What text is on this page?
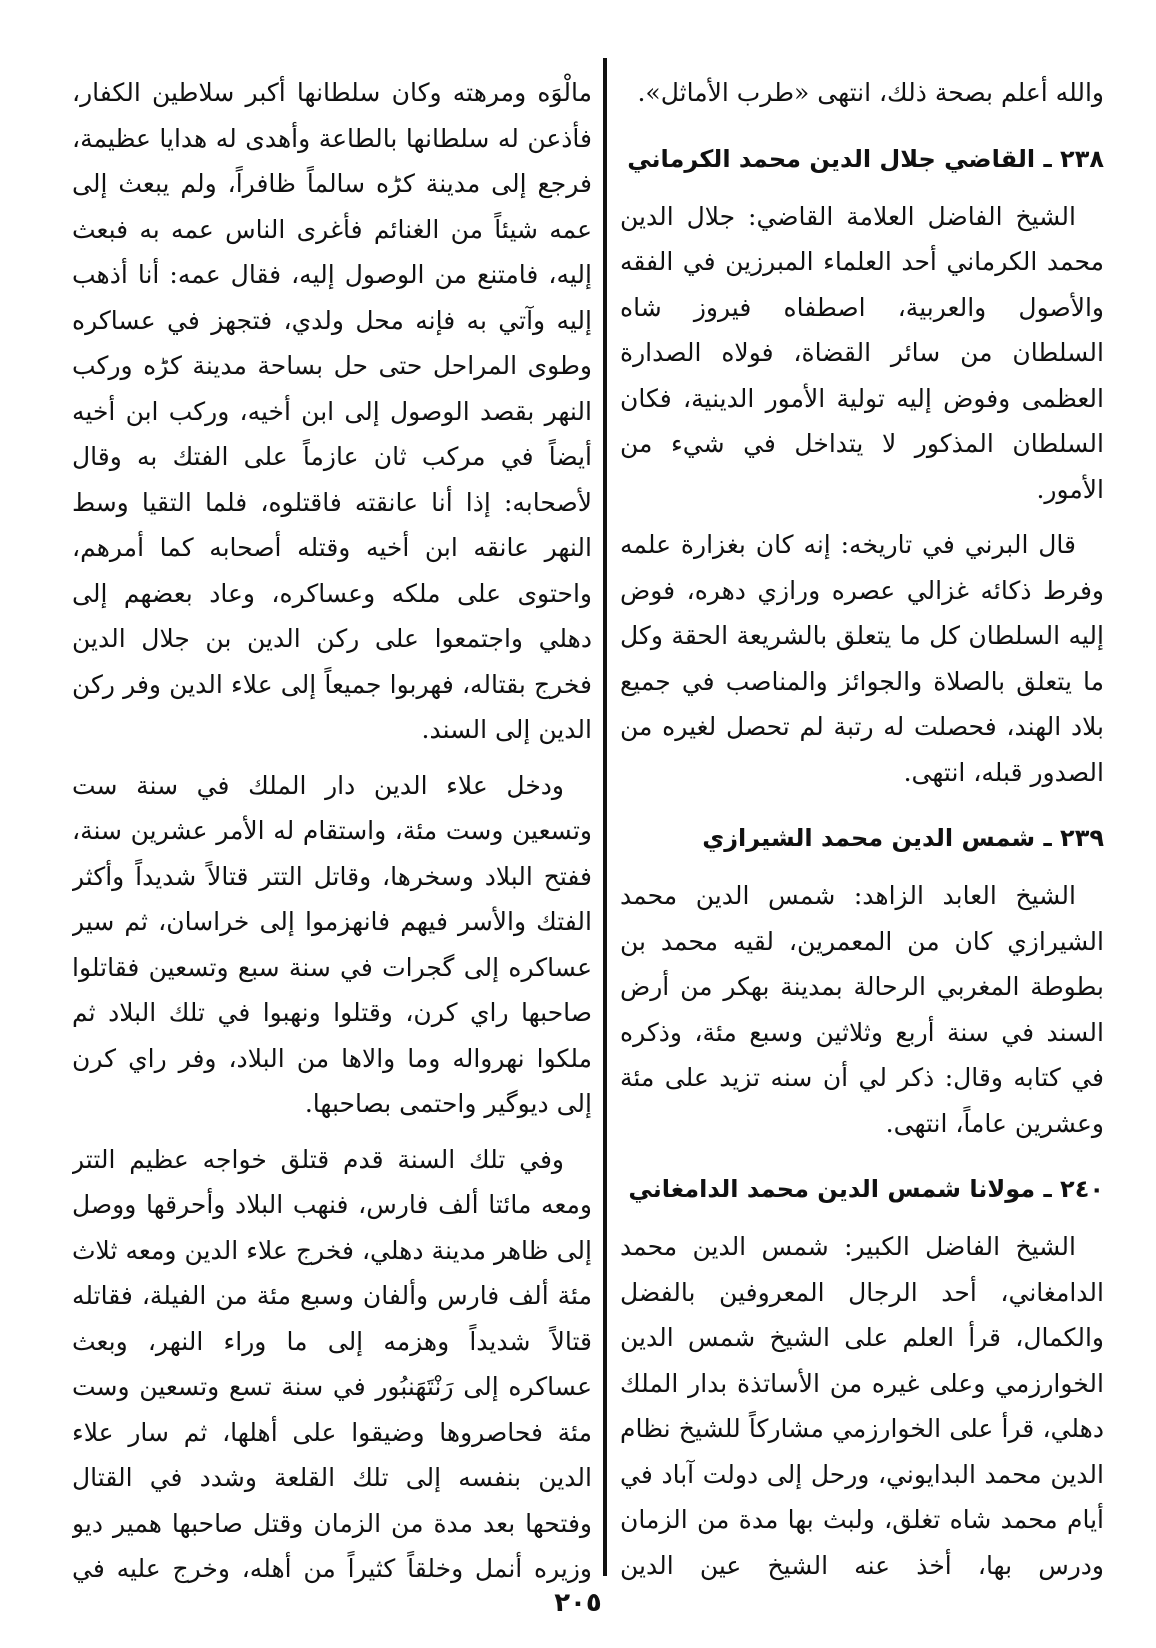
والله أعلم بصحة ذلك، انتهى «طرب الأماثل».

٢٣٨ ـ القاضي جلال الدين محمد الكرماني

الشيخ الفاضل العلامة القاضي: جلال الدين محمد الكرماني أحد العلماء المبرزين في الفقه والأصول والعربية، اصطفاه فيروز شاه السلطان من سائر القضاة، فولاه الصدارة العظمى وفوض إليه تولية الأمور الدينية، فكان السلطان المذكور لا يتداخل في شيء من الأمور.

قال البرني في تاريخه: إنه كان بغزارة علمه وفرط ذكائه غزالي عصره ورازي دهره، فوض إليه السلطان كل ما يتعلق بالشريعة الحقة وكل ما يتعلق بالصلاة والجوائز والمناصب في جميع بلاد الهند، فحصلت له رتبة لم تحصل لغيره من الصدور قبله، انتهى.

٢٣٩ ـ شمس الدين محمد الشيرازي

الشيخ العابد الزاهد: شمس الدين محمد الشيرازي كان من المعمرين، لقيه محمد بن بطوطة المغربي الرحالة بمدينة بهكر من أرض السند في سنة أربع وثلاثين وسبع مئة، وذكره في كتابه وقال: ذكر لي أن سنه تزيد على مئة وعشرين عاماً، انتهى.

٢٤٠ ـ مولانا شمس الدين محمد الدامغاني

الشيخ الفاضل الكبير: شمس الدين محمد الدامغاني، أحد الرجال المعروفين بالفضل والكمال، قرأ العلم على الشيخ شمس الدين الخوارزمي وعلى غيره من الأساتذة بدار الملك دهلي، قرأ على الخوارزمي مشاركاً للشيخ نظام الدين محمد البدايوني، ورحل إلى دولت آباد في أيام محمد شاه تغلق، ولبث بها مدة من الزمان ودرس بها، أخذ عنه الشيخ عين الدين

مالْوَه ومرهته وكان سلطانها أكبر سلاطين الكفار، فأذعن له سلطانها بالطاعة وأهدى له هدايا عظيمة، فرجع إلى مدينة كڑه سالماً ظافراً، ولم يبعث إلى عمه شيئاً من الغنائم فأغرى الناس عمه به فبعث إليه، فامتنع من الوصول إليه، فقال عمه: أنا أذهب إليه وآتي به فإنه محل ولدي، فتجهز في عساكره وطوى المراحل حتى حل بساحة مدينة كڑه وركب النهر بقصد الوصول إلى ابن أخيه، وركب ابن أخيه أيضاً في مركب ثان عازماً على الفتك به وقال لأصحابه: إذا أنا عانقته فاقتلوه، فلما التقيا وسط النهر عانقه ابن أخيه وقتله أصحابه كما أمرهم، واحتوى على ملكه وعساكره، وعاد بعضهم إلى دهلي واجتمعوا على ركن الدين بن جلال الدين فخرج بقتاله، فهربوا جميعاً إلى علاء الدين وفر ركن الدين إلى السند.

ودخل علاء الدين دار الملك في سنة ست وتسعين وست مئة، واستقام له الأمر عشرين سنة، ففتح البلاد وسخرها، وقاتل التتر قتالاً شديداً وأكثر الفتك والأسر فيهم فانهزموا إلى خراسان، ثم سير عساكره إلى گجرات في سنة سبع وتسعين فقاتلوا صاحبها راي كرن، وقتلوا ونهبوا في تلك البلاد ثم ملكوا نهرواله وما والاها من البلاد، وفر راي كرن إلى ديوگير واحتمى بصاحبها.

وفي تلك السنة قدم قتلق خواجه عظيم التتر ومعه مائتا ألف فارس، فنهب البلاد وأحرقها ووصل إلى ظاهر مدينة دهلي، فخرج علاء الدين ومعه ثلاث مئة ألف فارس وألفان وسبع مئة من الفيلة، فقاتله قتالاً شديداً وهزمه إلى ما وراء النهر، وبعث عساكره إلى رَنْتَهَنبُور في سنة تسع وتسعين وست مئة فحاصروها وضيقوا على أهلها، ثم سار علاء الدين بنفسه إلى تلك القلعة وشدد في القتال وفتحها بعد مدة من الزمان وقتل صاحبها همير ديو وزيره أنمل وخلقاً كثيراً من أهله، وخرج عليه في

٢٠٥
